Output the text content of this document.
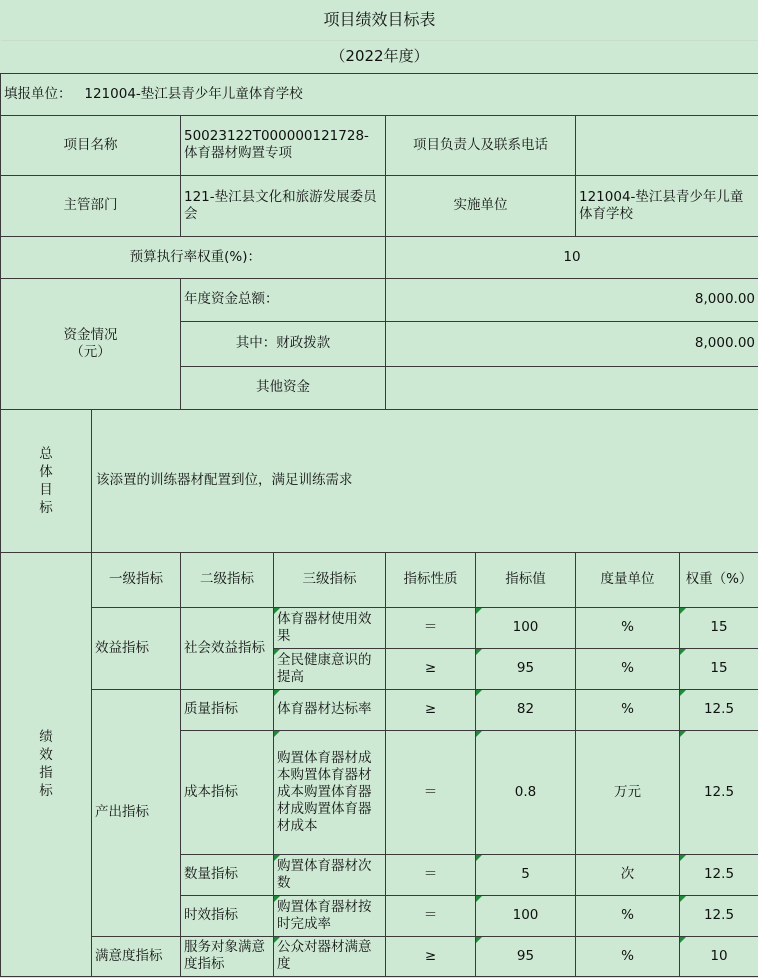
项目绩效目标表							
（2022年度）							
填报单位： 121004-垫江县青少年儿童体育学校							
项目名称		50023122T000000121728-体育器材购置专项		项目负责人及联系电话			
主管部门		121-垫江县文化和旅游发展委员会		实施单位		121004-垫江县青少年儿童体育学校	
预算执行率权重(%)：				10			

资金情况（元）		年度资金总额：		8,000.00			
		其中：财政拨款		8,000.00			
		其他资金					

总体目标	该添置的训练器材配置到位，满足训练需求						

绩效指标	一级指标	二级指标	三级指标	指标性质	指标值	度量单位	权重（%）
	效益指标	社会效益指标	体育器材使用效果	＝	100	%	15
			全民健康意识的提高	≥	95	%	15
	产出指标	质量指标	体育器材达标率	≥	82	%	12.5
		成本指标	购置体育器材成本购置体育器材成本购置体育器材成购置体育器材成本	＝	0.8	万元	12.5
		数量指标	购置体育器材次数	＝	5	次	12.5
		时效指标	购置体育器材按时完成率	＝	100	%	12.5
	满意度指标	服务对象满意度指标	公众对器材满意度	≥	95	%	10
